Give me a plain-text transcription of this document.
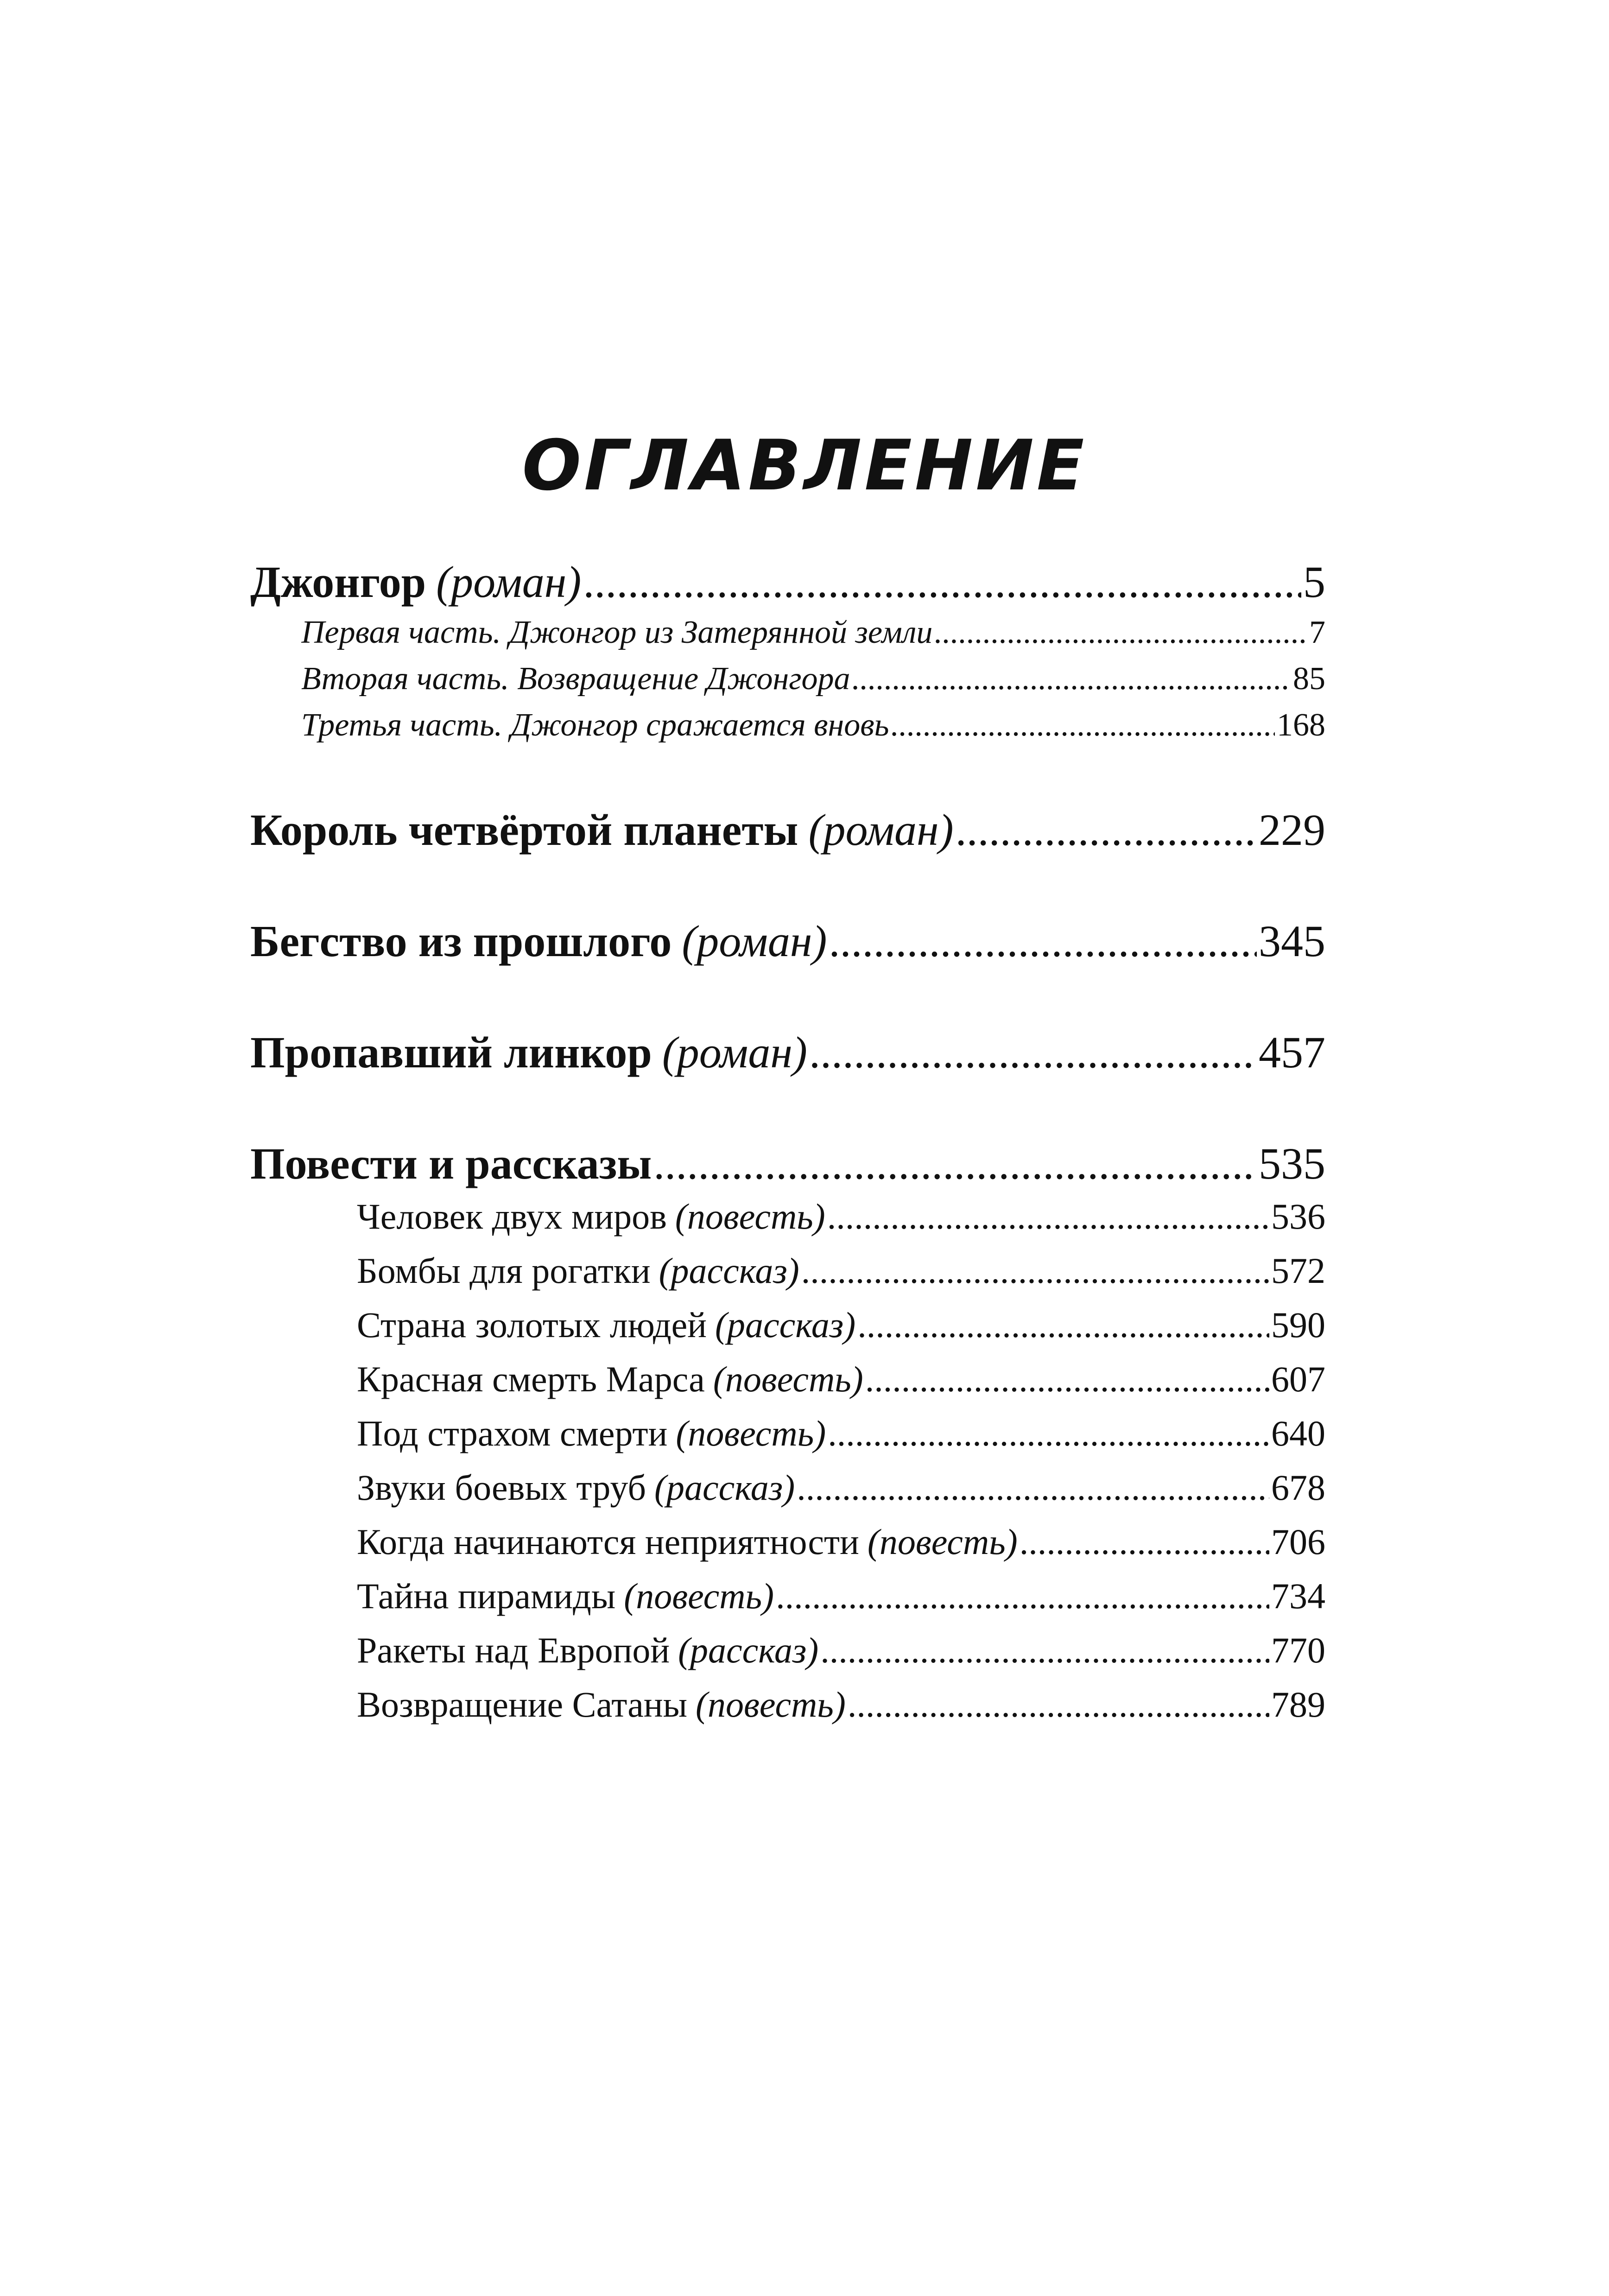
ОГЛАВЛЕНИЕ
Джонгор (роман) .....	5
Первая часть. Джонгор из Затерянной земли .....	7
Вторая часть. Возвращение Джонгора .....	85
Третья часть. Джонгор сражается вновь .....	168
Король четвёртой планеты (роман) .....	229
Бегство из прошлого (роман) .....	345
Пропавший линкор (роман) .....	457
Повести и рассказы .....	535
Человек двух миров (повесть) .....	536
Бомбы для рогатки (рассказ) .....	572
Страна золотых людей (рассказ) .....	590
Красная смерть Марса (повесть) .....	607
Под страхом смерти (повесть) .....	640
Звуки боевых труб (рассказ) .....	678
Когда начинаются неприятности (повесть) .....	706
Тайна пирамиды (повесть) .....	734
Ракеты над Европой (рассказ) .....	770
Возвращение Сатаны (повесть) .....	789
